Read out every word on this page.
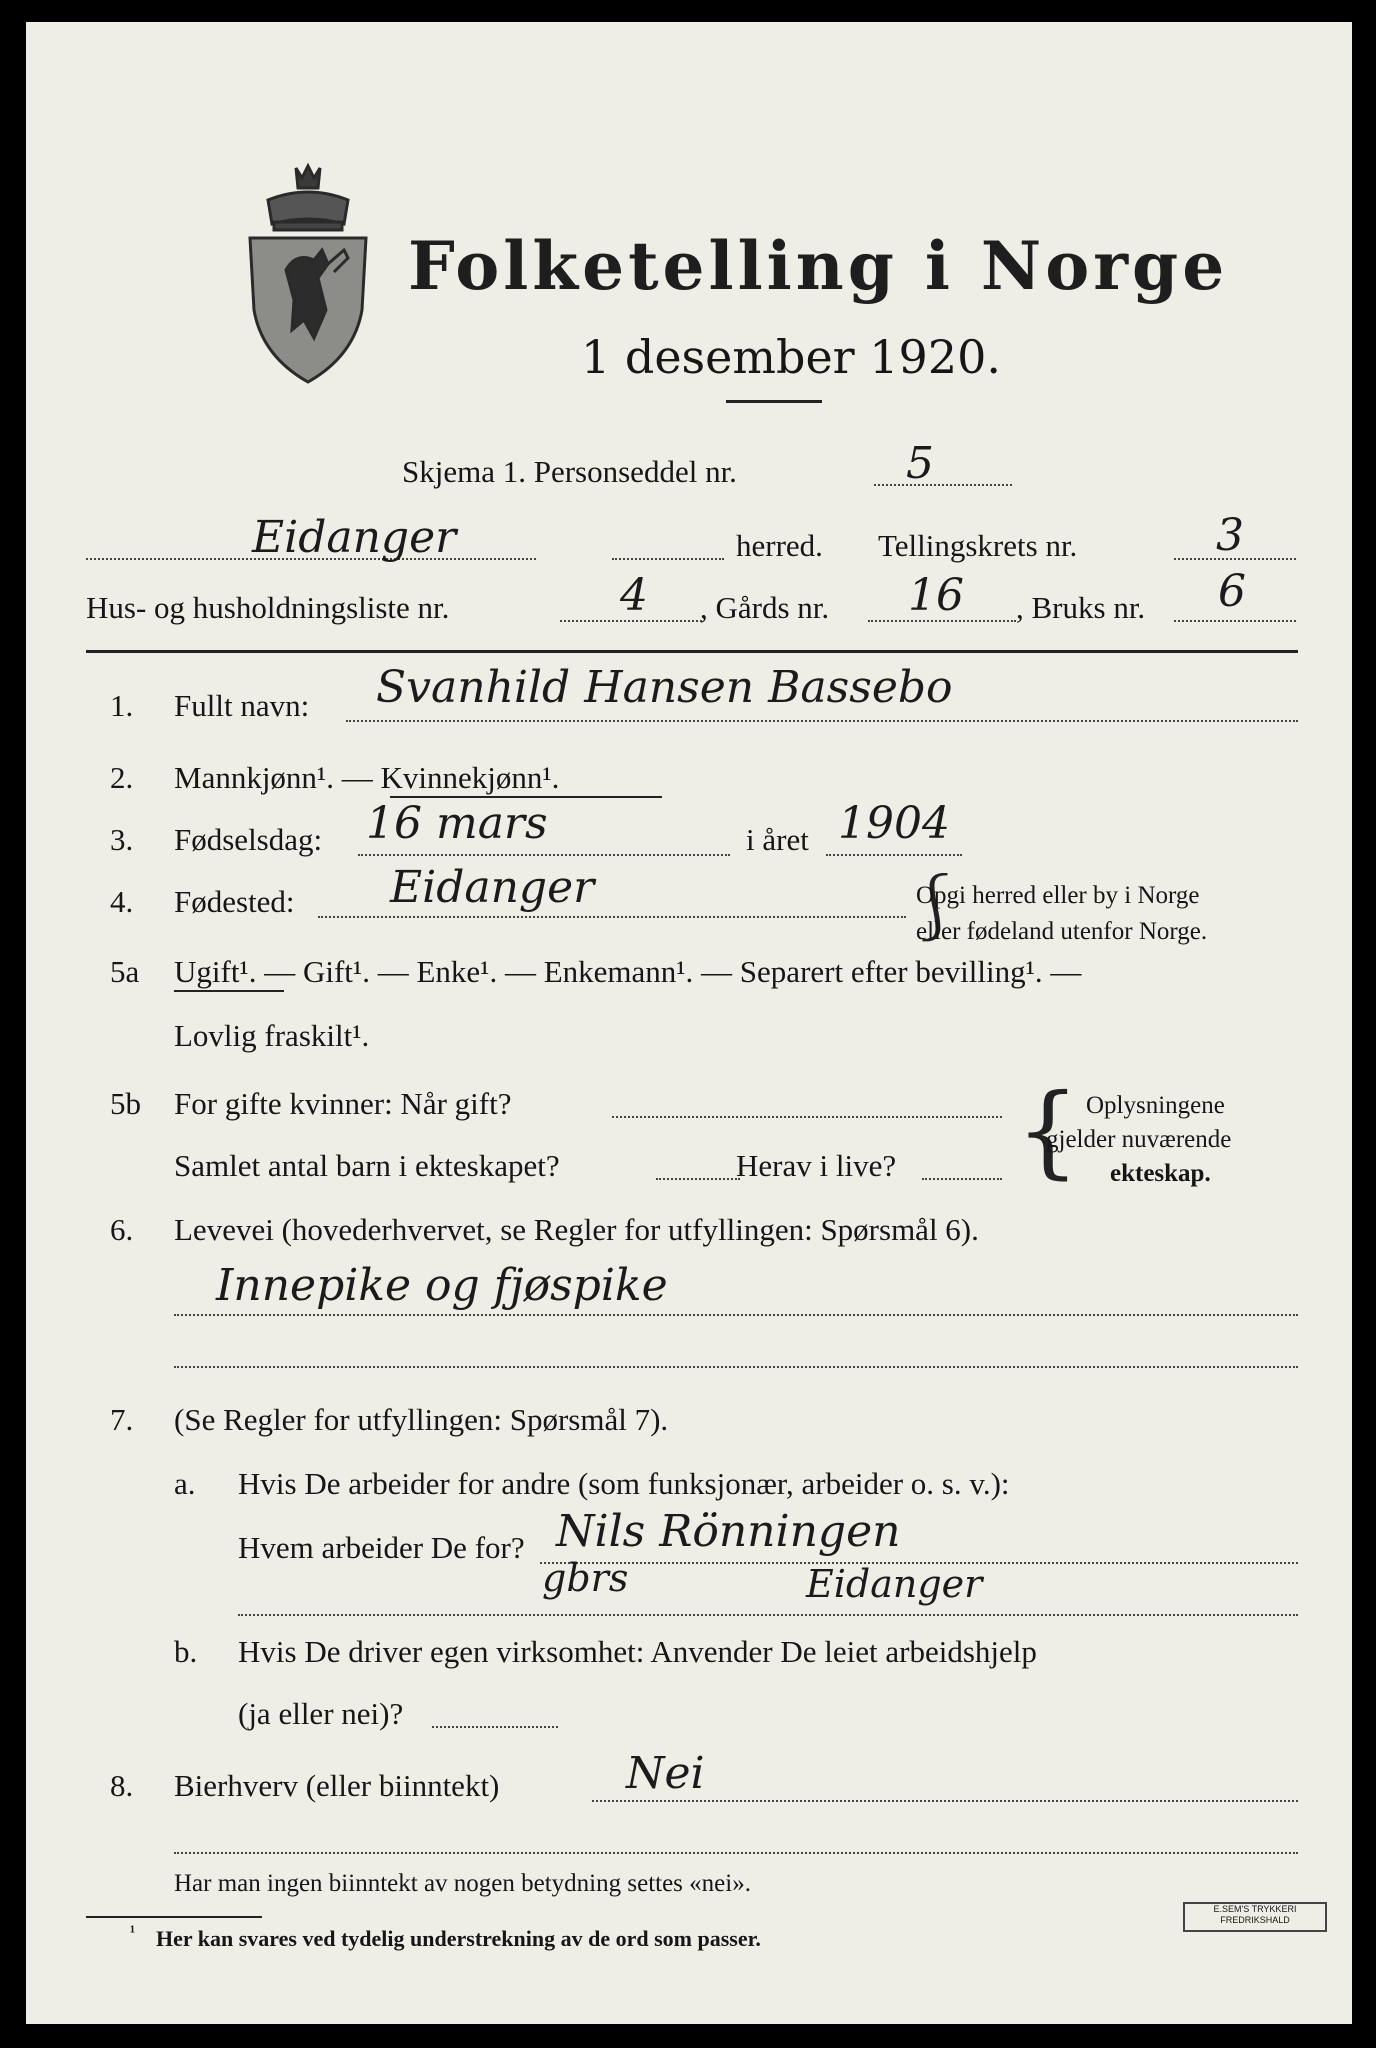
Folketelling i Norge
1 desember 1920.
Skjema 1. Personseddel nr.	5
Eidanger	herred. Tellingskrets nr.	3
Hus- og husholdningsliste nr.	4 , Gårds nr. 16 , Bruks nr. 6
1. Fullt navn: Svanhild Hansen Bassebo
2. Mannkjønn¹. — Kvinnekjønn¹.
3. Fødselsdag: 16 mars	i året 1904
4. Fødested: Eidanger	⎰
Opgi herred eller by i Norge
eller fødeland utenfor Norge.
5a Ugift¹. — Gift¹. — Enke¹. — Enkemann¹. — Separert efter bevilling¹. —
Lovlig fraskilt¹.
5b For gifte kvinner: Når gift?
Samlet antal barn i ekteskapet?	Herav i live? { Oplysningene
gjelder nuværende
ekteskap.
6. Levevei (hovederhvervet, se Regler for utfyllingen: Spørsmål 6).
Innepike og fjøspike
7. (Se Regler for utfyllingen: Spørsmål 7).
a. Hvis De arbeider for andre (som funksjonær, arbeider o. s. v.):
Hvem arbeider De for? Nils Rönningen
Eidanger
gbrs
b. Hvis De driver egen virksomhet: Anvender De leiet arbeidshjelp
(ja eller nei)?
8. Bierhverv (eller biinntekt)	Nei
Har man ingen biinntekt av nogen betydning settes «nei».
¹ Her kan svares ved tydelig understrekning av de ord som passer.
E.SEM'S TRYKKERI
FREDRIKSHALD
